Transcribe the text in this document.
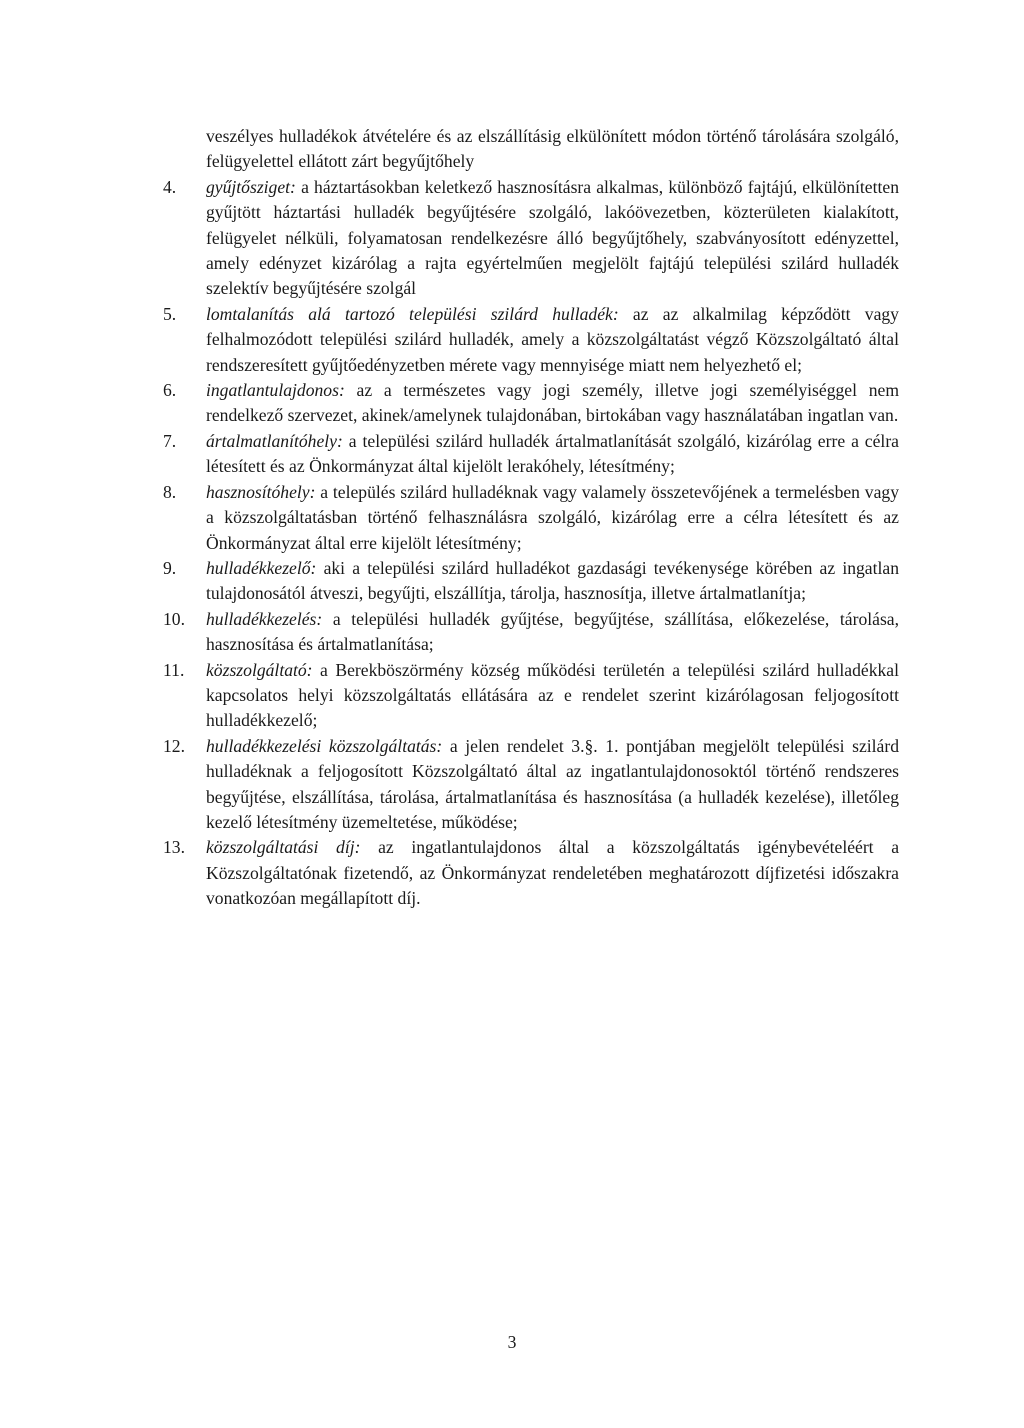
veszélyes hulladékok átvételére és az elszállításig elkülönített módon történő tárolására szolgáló, felügyelettel ellátott zárt begyűjtőhely
4. gyűjtősziget: a háztartásokban keletkező hasznosításra alkalmas, különböző fajtájú, elkülönítetten gyűjtött háztartási hulladék begyűjtésére szolgáló, lakóövezetben, közterületen kialakított, felügyelet nélküli, folyamatosan rendelkezésre álló begyűjtőhely, szabványosított edényzettel, amely edényzet kizárólag a rajta egyértelműen megjelölt fajtájú települési szilárd hulladék szelektív begyűjtésére szolgál
5. lomtalanítás alá tartozó települési szilárd hulladék: az az alkalmilag képződött vagy felhalmozódott települési szilárd hulladék, amely a közszolgáltatást végző Közszolgáltató által rendszeresített gyűjtőedényzetben mérete vagy mennyisége miatt nem helyezhető el;
6. ingatlantulajdonos: az a természetes vagy jogi személy, illetve jogi személyiséggel nem rendelkező szervezet, akinek/amelynek tulajdonában, birtokában vagy használatában ingatlan van.
7. ártalmatlanítóhely: a települési szilárd hulladék ártalmatlanítását szolgáló, kizárólag erre a célra létesített és az Önkormányzat által kijelölt lerakóhely, létesítmény;
8. hasznosítóhely: a település szilárd hulladéknak vagy valamely összetevőjének a termelésben vagy a közszolgáltatásban történő felhasználásra szolgáló, kizárólag erre a célra létesített és az Önkormányzat által erre kijelölt létesítmény;
9. hulladékkezelő: aki a települési szilárd hulladékot gazdasági tevékenysége körében az ingatlan tulajdonosától átveszi, begyűjti, elszállítja, tárolja, hasznosítja, illetve ártalmatlanítja;
10. hulladékkezelés: a települési hulladék gyűjtése, begyűjtése, szállítása, előkezelése, tárolása, hasznosítása és ártalmatlanítása;
11. közszolgáltató: a Berekböszörmény község működési területén a települési szilárd hulladékkal kapcsolatos helyi közszolgáltatás ellátására az e rendelet szerint kizárólagosan feljogosított hulladékkezelő;
12. hulladékkezelési közszolgáltatás: a jelen rendelet 3.§. 1. pontjában megjelölt települési szilárd hulladéknak a feljogosított Közszolgáltató által az ingatlantulajdonosoktól történő rendszeres begyűjtése, elszállítása, tárolása, ártalmatlanítása és hasznosítása (a hulladék kezelése), illetőleg kezelő létesítmény üzemeltetése, működése;
13. közszolgáltatási díj: az ingatlantulajdonos által a közszolgáltatás igénybevételéért a Közszolgáltatónak fizetendő, az Önkormányzat rendeletében meghatározott díjfizetési időszakra vonatkozóan megállapított díj.
3
